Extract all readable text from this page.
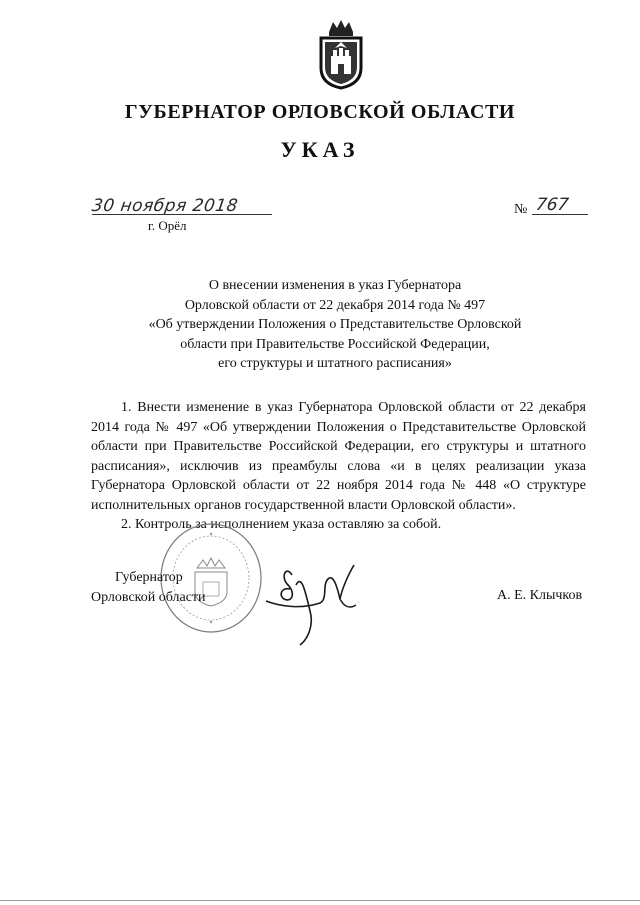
ГУБЕРНАТОР ОРЛОВСКОЙ ОБЛАСТИ
УКАЗ
30 ноября 2018
г. Орёл
№ 767
О внесении изменения в указ Губернатора
Орловской области от 22 декабря 2014 года № 497
«Об утверждении Положения о Представительстве Орловской
области при Правительстве Российской Федерации,
его структуры и штатного расписания»

1. Внести изменение в указ Губернатора Орловской области от 22 декабря 2014 года № 497 «Об утверждении Положения о Представительстве Орловской области при Правительстве Российской Федерации, его структуры и штатного расписания», исключив из преамбулы слова «и в целях реализации указа Губернатора Орловской области от 22 ноября 2014 года № 448 «О структуре исполнительных органов государственной власти Орловской области».

2. Контроль за исполнением указа оставляю за собой.

Губернатор
Орловской области	А. Е. Клычков
